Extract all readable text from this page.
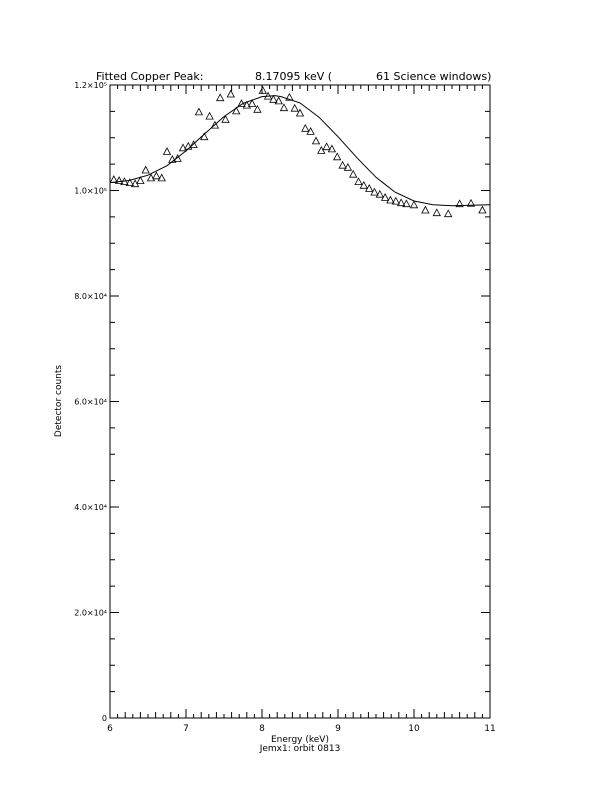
Fitted Copper Peak:	8.17095 keV (	61 Science windows)
0
2.0×10⁴
4.0×10⁴
6.0×10⁴
8.0×10⁴
1.0×10⁵
1.2×10⁵
6	7	8	9	10	11
Energy (keV)
Jemx1: orbit 0813
Detector counts
